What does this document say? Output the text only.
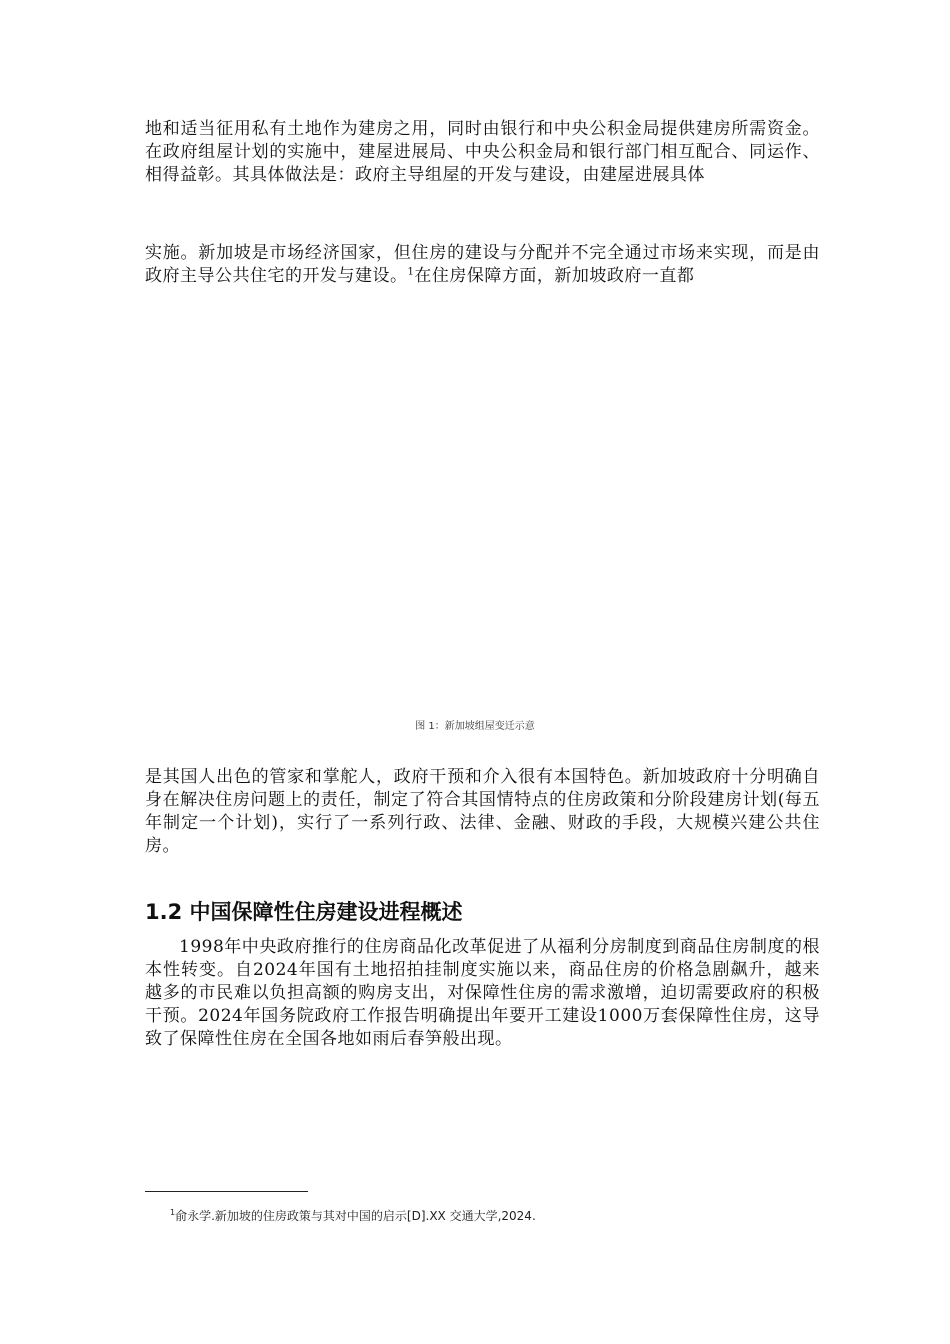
地和适当征用私有土地作为建房之用，同时由银行和中央公积金局提供建房所需资金。在政府组屋计划的实施中，建屋进展局、中央公积金局和银行部门相互配合、同运作、相得益彰。其具体做法是：政府主导组屋的开发与建设，由建屋进展具体

实施。新加坡是市场经济国家，但住房的建设与分配并不完全通过市场来实现，而是由政府主导公共住宅的开发与建设。$^1$在住房保障方面，新加坡政府一直都

图 1：新加坡组屋变迁示意

是其国人出色的管家和掌舵人，政府干预和介入很有本国特色。新加坡政府十分明确自身在解决住房问题上的责任，制定了符合其国情特点的住房政策和分阶段建房计划(每五年制定一个计划)，实行了一系列行政、法律、金融、财政的手段，大规模兴建公共住房。

1.2 中国保障性住房建设进程概述

1998年中央政府推行的住房商品化改革促进了从福利分房制度到商品住房制度的根本性转变。自2024年国有土地招拍挂制度实施以来，商品住房的价格急剧飙升，越来越多的市民难以负担高额的购房支出，对保障性住房的需求激增，迫切需要政府的积极干预。2024年国务院政府工作报告明确提出年要开工建设1000万套保障性住房，这导致了保障性住房在全国各地如雨后春笋般出现。

$^1$俞永学.新加坡的住房政策与其对中国的启示[D].XX 交通大学,2024.
